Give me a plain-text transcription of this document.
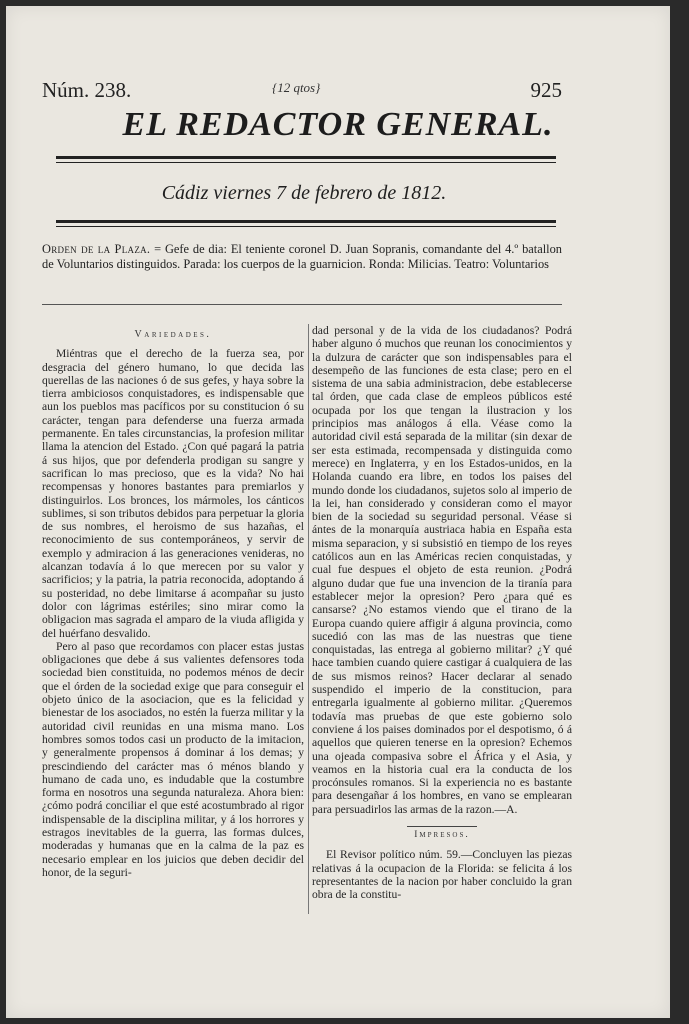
Núm. 238.	{12 qtos}	925
EL REDACTOR GENERAL.
Cádiz viernes 7 de febrero de 1812.
Orden de la Plaza. = Gefe de dia: El teniente coronel D. Juan Sopranis, comandante del 4.º batallon de Voluntarios distinguidos. Parada: los cuerpos de la guarnicion. Ronda: Milicias. Teatro: Voluntarios
Variedades.

Miéntras que el derecho de la fuerza sea, por desgracia del género humano, lo que decida las querellas de las naciones ó de sus gefes, y haya sobre la tierra ambiciosos conquistadores, es indispensable que aun los pueblos mas pacíficos por su constitucion ó su carácter, tengan para defenderse una fuerza armada permanente. En tales circunstancias, la profesion militar llama la atencion del Estado. ¿Con qué pagará la patria á sus hijos, que por defenderla prodigan su sangre y sacrifican lo mas precioso, que es la vida? No hai recompensas y honores bastantes para premiarlos y distinguirlos. Los bronces, los mármoles, los cánticos sublimes, si son tributos debidos para perpetuar la gloria de sus nombres, el heroismo de sus hazañas, el reconocimiento de sus contemporáneos, y servir de exemplo y admiracion á las generaciones venideras, no alcanzan todavía á lo que merecen por su valor y sacrificios; y la patria, la patria reconocida, adoptando á su posteridad, no debe limitarse á acompañar su justo dolor con lágrimas estériles; sino mirar como la obligacion mas sagrada el amparo de la viuda afligida y del huérfano desvalido.

Pero al paso que recordamos con placer estas justas obligaciones que debe á sus valientes defensores toda sociedad bien constituida, no podemos ménos de decir que el órden de la sociedad exige que para conseguir el objeto único de la asociacion, que es la felicidad y bienestar de los asociados, no estén la fuerza militar y la autoridad civil reunidas en una misma mano. Los hombres somos todos casi un producto de la imitacion, y generalmente propensos á dominar á los demas; y prescindiendo del carácter mas ó ménos blando y humano de cada uno, es indudable que la costumbre forma en nosotros una segunda naturaleza. Ahora bien: ¿cómo podrá conciliar el que esté acostumbrado al rigor indispensable de la disciplina militar, y á los horrores y estragos inevitables de la guerra, las formas dulces, moderadas y humanas que en la calma de la paz es necesario emplear en los juicios que deben decidir del honor, de la seguri-

dad personal y de la vida de los ciudadanos? Podrá haber alguno ó muchos que reunan los conocimientos y la dulzura de carácter que son indispensables para el desempeño de las funciones de esta clase; pero en el sistema de una sabia administracion, debe establecerse tal órden, que cada clase de empleos públicos esté ocupada por los que tengan la ilustracion y los principios mas análogos á ella. Véase como la autoridad civil está separada de la militar (sin dexar de ser esta estimada, recompensada y distinguida como merece) en Inglaterra, y en los Estados-unidos, en la Holanda cuando era libre, en todos los paises del mundo donde los ciudadanos, sujetos solo al imperio de la lei, han considerado y consideran como el mayor bien de la sociedad su seguridad personal. Véase si ántes de la monarquía austriaca habia en España esta misma separacion, y si subsistió en tiempo de los reyes católicos aun en las Américas recien conquistadas, y cual fue despues el objeto de esta reunion. ¿Podrá alguno dudar que fue una invencion de la tiranía para establecer mejor la opresion? Pero ¿para qué es cansarse? ¿No estamos viendo que el tirano de la Europa cuando quiere affigir á alguna provincia, como sucedió con las mas de las nuestras que tiene conquistadas, las entrega al gobierno militar? ¿Y qué hace tambien cuando quiere castigar á cualquiera de las de sus mismos reinos? Hacer declarar al senado suspendido el imperio de la constitucion, para entregarla igualmente al gobierno militar. ¿Queremos todavía mas pruebas de que este gobierno solo conviene á los paises dominados por el despotismo, ó á aquellos que quieren tenerse en la opresion? Echemos una ojeada compasiva sobre el África y el Asia, y veamos en la historia cual era la conducta de los procónsules romanos. Si la experiencia no es bastante para desengañar á los hombres, en vano se emplearan para persuadirlos las armas de la razon.—A.

Impresos.

El Revisor político núm. 59.—Concluyen las piezas relativas á la ocupacion de la Florida: se felicita á los representantes de la nacion por haber concluido la gran obra de la constitu-
